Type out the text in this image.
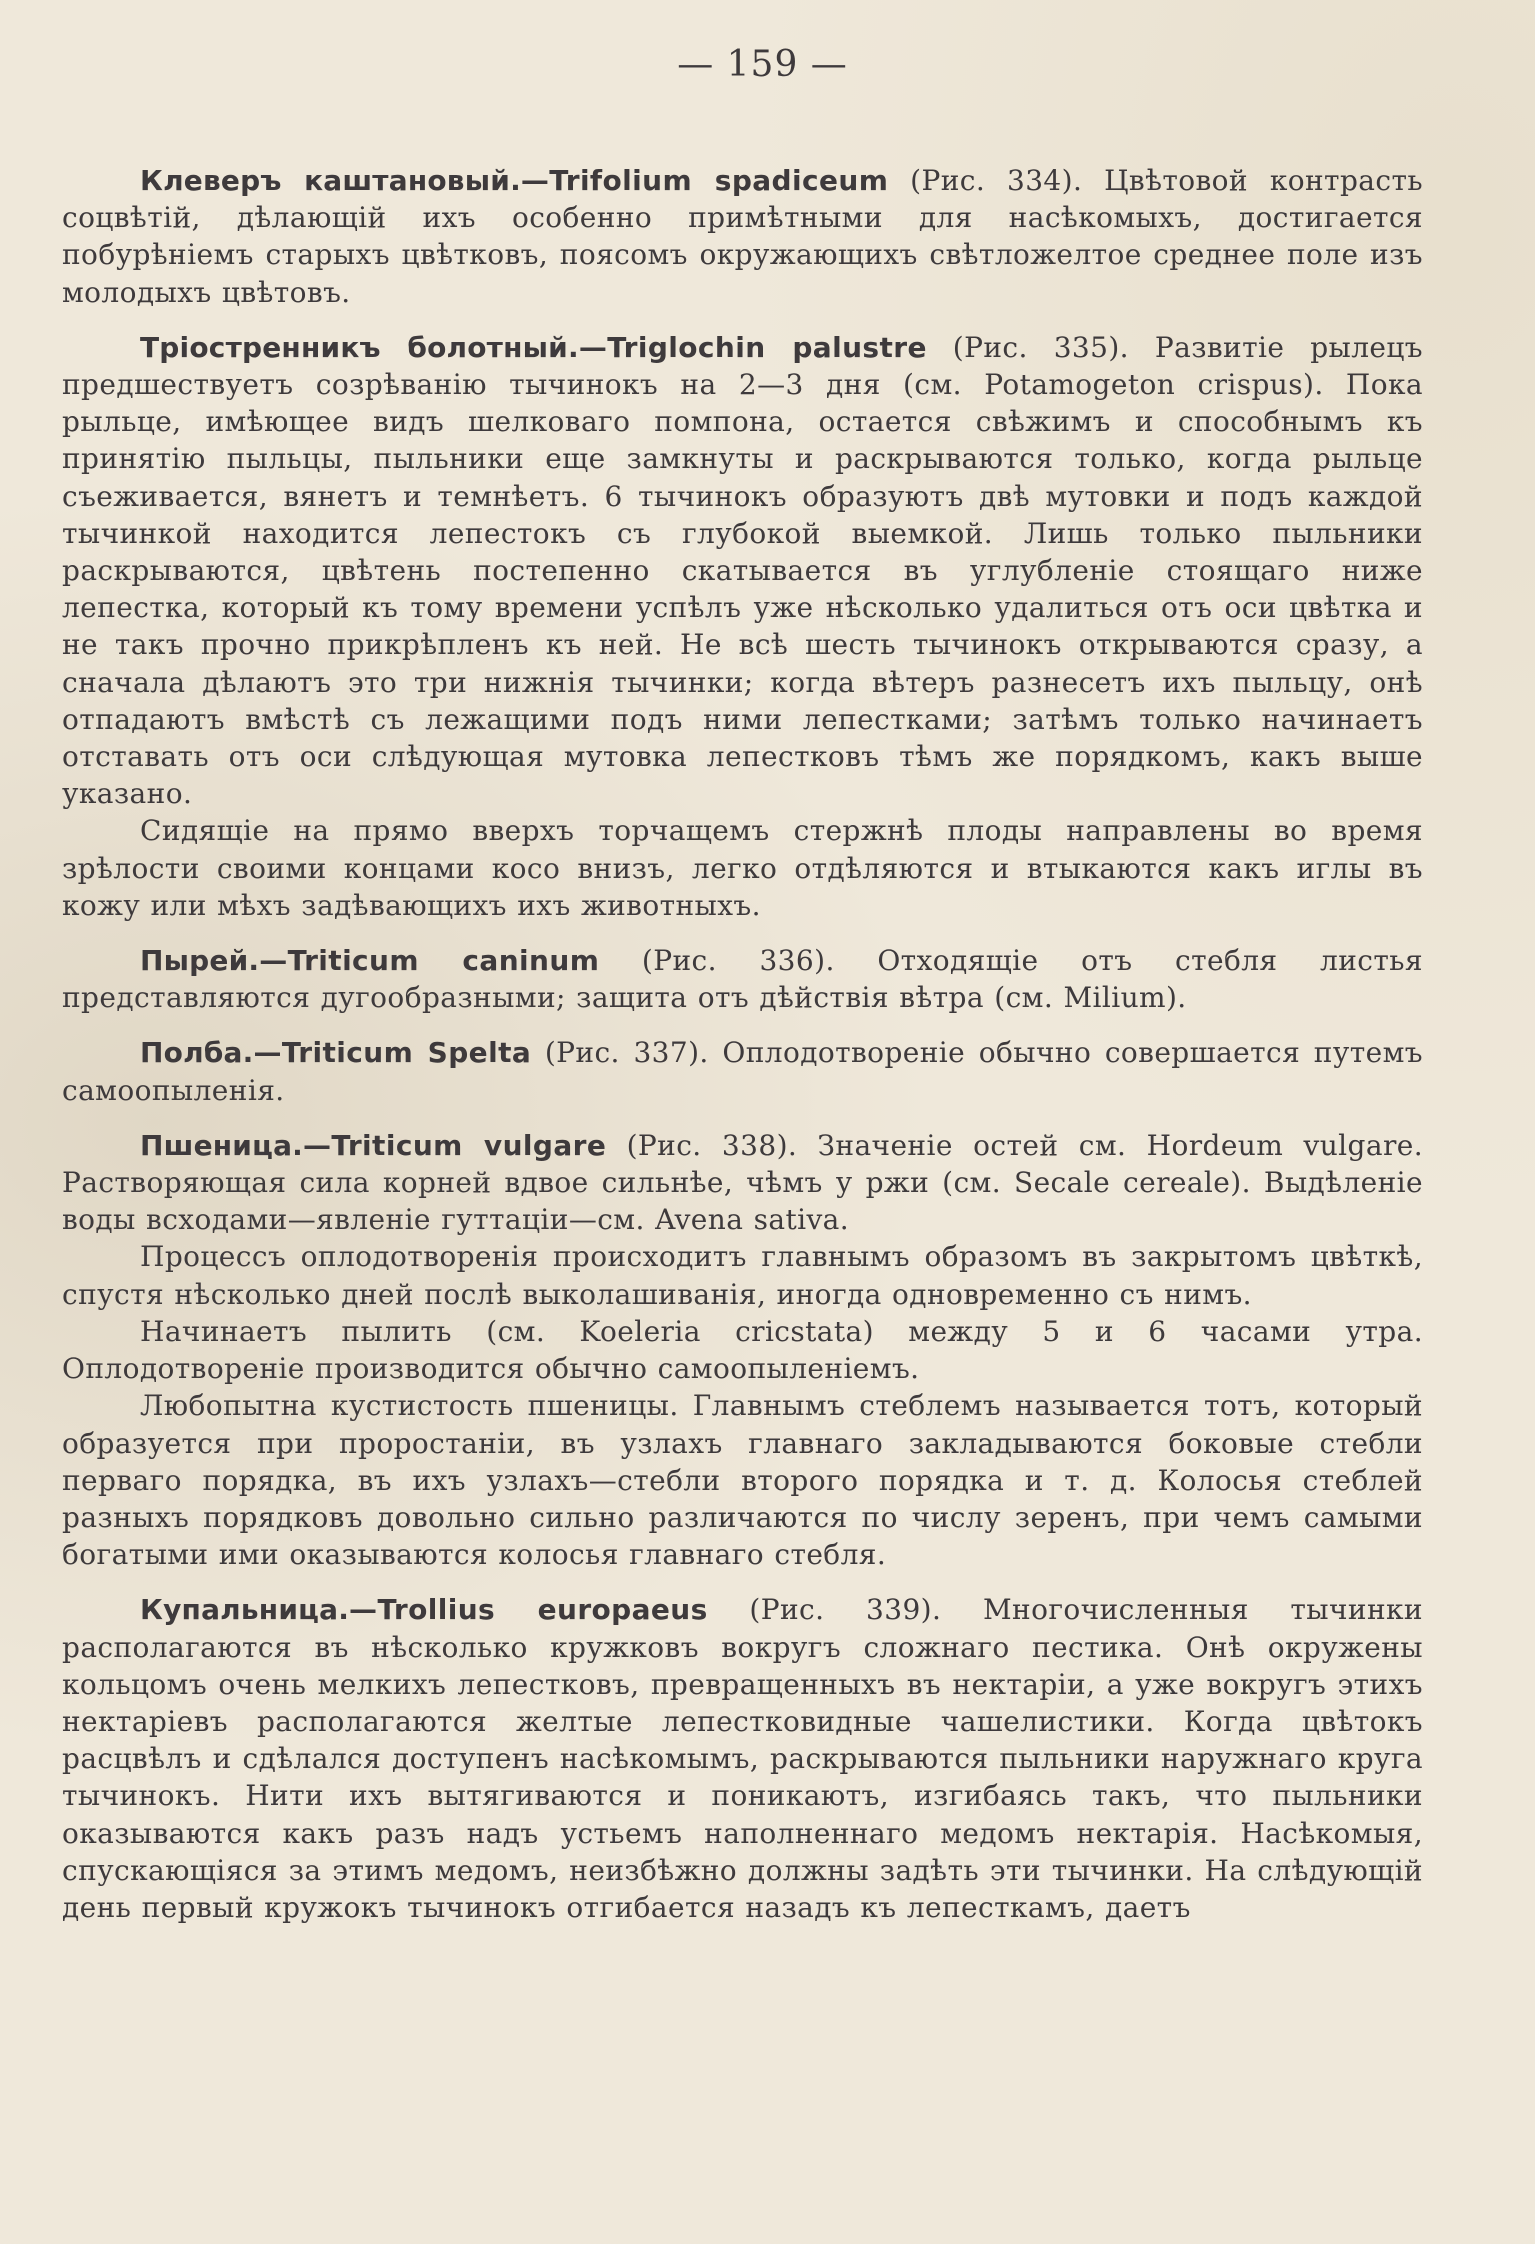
— 159 —

Клеверъ каштановый.—Trifolium spadiceum (Рис. 334). Цвѣтовой контрасть соцвѣтій, дѣлающій ихъ особенно примѣтными для насѣкомыхъ, достигается побурѣніемъ старыхъ цвѣтковъ, поясомъ окружающихъ свѣтложелтое среднее поле изъ молодыхъ цвѣтовъ.

Тріостренникъ болотный.—Triglochin palustre (Рис. 335). Развитіе рылецъ предшествуетъ созрѣванію тычинокъ на 2—3 дня (см. Potamogeton crispus). Пока рыльце, имѣющее видъ шелковаго помпона, остается свѣжимъ и способнымъ къ принятію пыльцы, пыльники еще замкнуты и раскрываются только, когда рыльце съеживается, вянетъ и темнѣетъ. 6 тычинокъ образуютъ двѣ мутовки и подъ каждой тычинкой находится лепестокъ съ глубокой выемкой. Лишь только пыльники раскрываются, цвѣтень постепенно скатывается въ углубленіе стоящаго ниже лепестка, который къ тому времени успѣлъ уже нѣсколько удалиться отъ оси цвѣтка и не такъ прочно прикрѣпленъ къ ней. Не всѣ шесть тычинокъ открываются сразу, а сначала дѣлаютъ это три нижнія тычинки; когда вѣтеръ разнесетъ ихъ пыльцу, онѣ отпадаютъ вмѣстѣ съ лежащими подъ ними лепестками; затѣмъ только начинаетъ отставать отъ оси слѣдующая мутовка лепестковъ тѣмъ же порядкомъ, какъ выше указано.

Сидящіе на прямо вверхъ торчащемъ стержнѣ плоды направлены во время зрѣлости своими концами косо внизъ, легко отдѣляются и втыкаются какъ иглы въ кожу или мѣхъ задѣвающихъ ихъ животныхъ.

Пырей.—Triticum caninum (Рис. 336). Отходящіе отъ стебля листья представляются дугообразными; защита отъ дѣйствія вѣтра (см. Milium).

Полба.—Triticum Spelta (Рис. 337). Оплодотвореніе обычно совершается путемъ самоопыленія.

Пшеница.—Triticum vulgare (Рис. 338). Значеніе остей см. Hordeum vulgare. Растворяющая сила корней вдвое сильнѣе, чѣмъ у ржи (см. Secale cereale). Выдѣленіе воды всходами—явленіе гуттаціи—см. Avena sativa.

Процессъ оплодотворенія происходитъ главнымъ образомъ въ закрытомъ цвѣткѣ, спустя нѣсколько дней послѣ выколашиванія, иногда одновременно съ нимъ.

Начинаетъ пылить (см. Koeleria cricstata) между 5 и 6 часами утра. Оплодотвореніе производится обычно самоопыленіемъ.

Любопытна кустистость пшеницы. Главнымъ стеблемъ называется тотъ, который образуется при проростаніи, въ узлахъ главнаго закладываются боковые стебли перваго порядка, въ ихъ узлахъ—стебли второго порядка и т. д. Колосья стеблей разныхъ порядковъ довольно сильно различаются по числу зеренъ, при чемъ самыми богатыми ими оказываются колосья главнаго стебля.

Купальница.—Trollius europaeus (Рис. 339). Многочисленныя тычинки располагаются въ нѣсколько кружковъ вокругъ сложнаго пестика. Онѣ окружены кольцомъ очень мелкихъ лепестковъ, превращенныхъ въ нектаріи, а уже вокругъ этихъ нектаріевъ располагаются желтые лепестковидные чашелистики. Когда цвѣтокъ расцвѣлъ и сдѣлался доступенъ насѣкомымъ, раскрываются пыльники наружнаго круга тычинокъ. Нити ихъ вытягиваются и поникаютъ, изгибаясь такъ, что пыльники оказываются какъ разъ надъ устьемъ наполненнаго медомъ нектарія. Насѣкомыя, спускающіяся за этимъ медомъ, неизбѣжно должны задѣть эти тычинки. На слѣдующій день первый кружокъ тычинокъ отгибается назадъ къ лепесткамъ, даетъ
